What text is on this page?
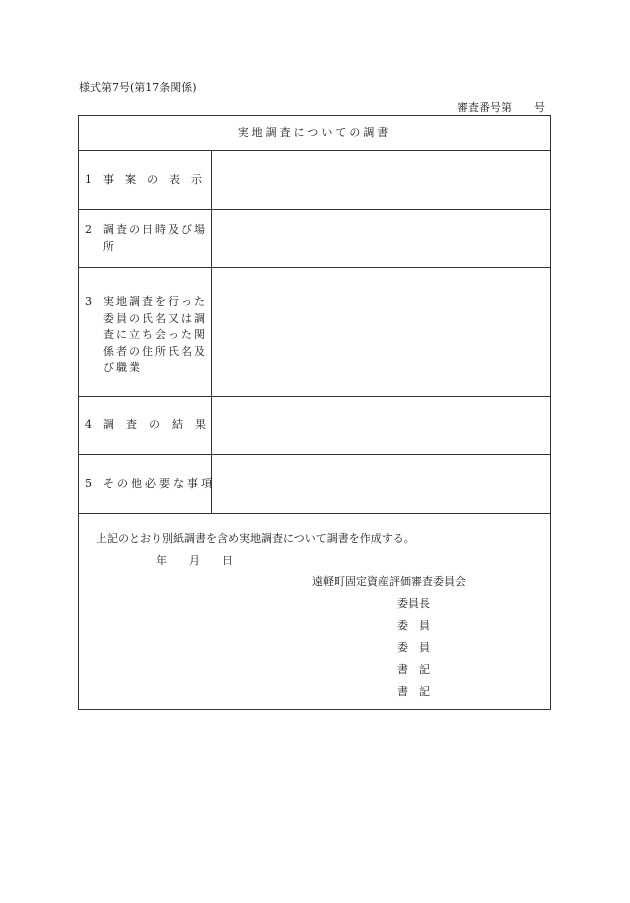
様式第7号(第17条関係)
審査番号第　　号
実地調査についての調書
1 事案の表示
2 調査の日時及び場所
3 実地調査を行った委員の氏名又は調査に立ち会った関係者の住所氏名及び職業
4 調査の結果
5 その他必要な事項
上記のとおり別紙調書を含め実地調査について調書を作成する。
年　　月　　日
遠軽町固定資産評価審査委員会
委員長
委　員
委　員
書　記
書　記
